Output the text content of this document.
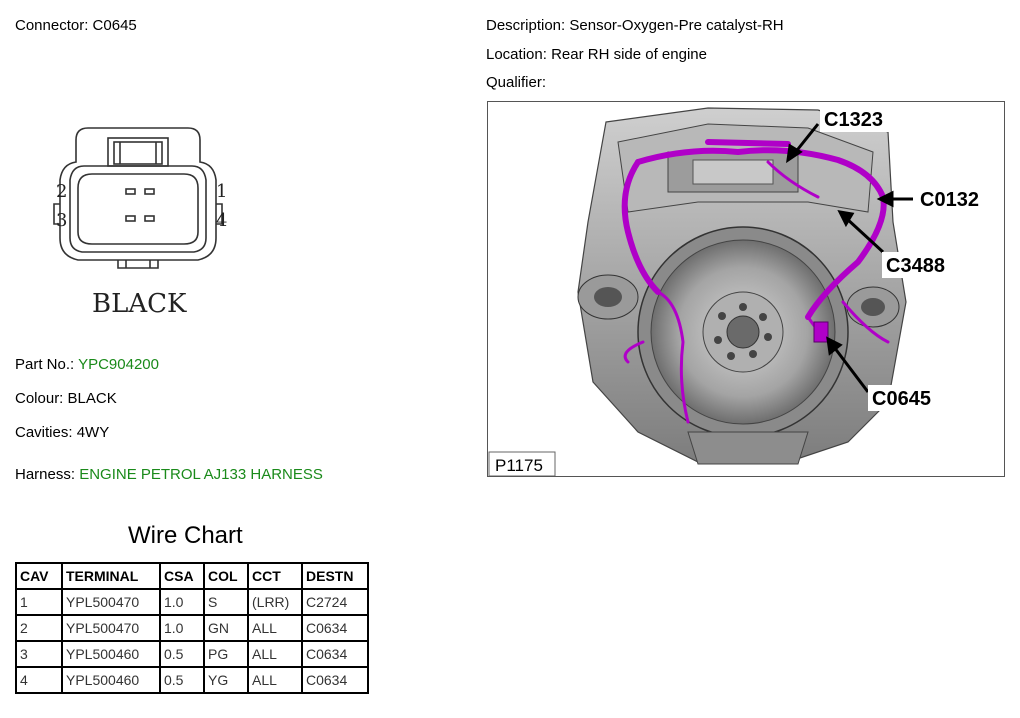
Connector: C0645	Description: Sensor-Oxygen-Pre catalyst-RH
Location: Rear RH side of engine
Qualifier:
2
3
1
4
BLACK
Part No.: YPC904200
Colour: BLACK
Cavities: 4WY
Harness: ENGINE PETROL AJ133 HARNESS
C1323
C0132
C3488
C0645
P1175
Wire Chart
CAV	TERMINAL	CSA	COL	CCT	DESTN
1	YPL500470	1.0	S	(LRR)	C2724
2	YPL500470	1.0	GN	ALL	C0634
3	YPL500460	0.5	PG	ALL	C0634
4	YPL500460	0.5	YG	ALL	C0634
